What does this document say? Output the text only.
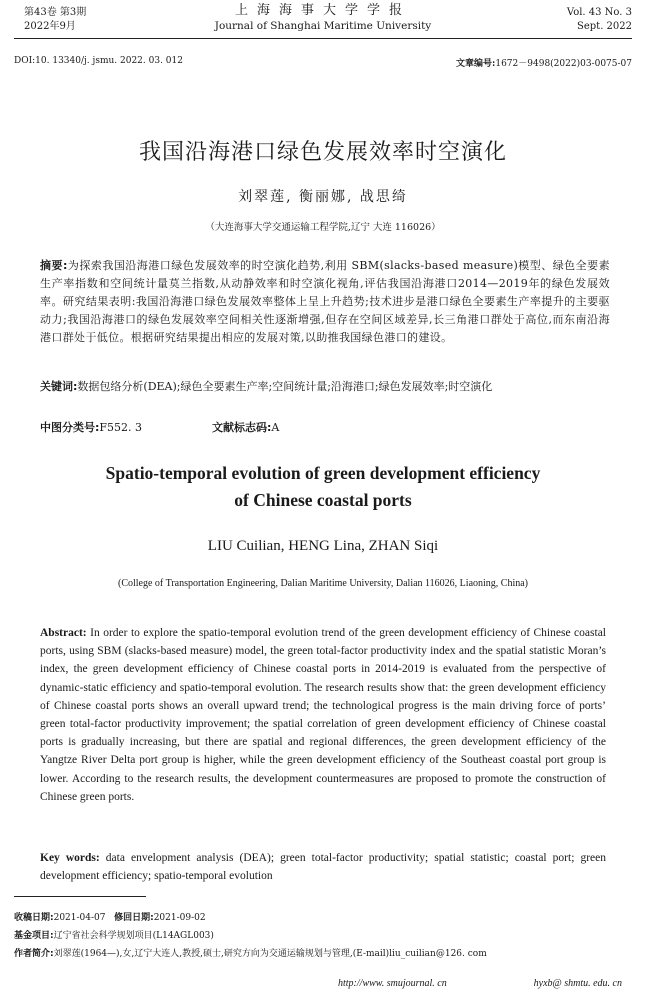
第43卷 第3期
2022年9月
上海海事大学学报
Journal of Shanghai Maritime University
Vol. 43 No. 3
Sept. 2022
DOI:10. 13340/j. jsmu. 2022. 03. 012	文章编号:1672－9498(2022)03-0075-07
我国沿海港口绿色发展效率时空演化
刘翠莲, 衡丽娜, 战思绮
（大连海事大学交通运输工程学院,辽宁 大连 116026）
摘要:为探索我国沿海港口绿色发展效率的时空演化趋势,利用 SBM(slacks-based measure)模型、绿色全要素生产率指数和空间统计量莫兰指数,从动静效率和时空演化视角,评估我国沿海港口2014—2019年的绿色发展效率。研究结果表明:我国沿海港口绿色发展效率整体上呈上升趋势;技术进步是港口绿色全要素生产率提升的主要驱动力;我国沿海港口的绿色发展效率空间相关性逐渐增强,但存在空间区域差异,长三角港口群处于高位,而东南沿海港口群处于低位。根据研究结果提出相应的发展对策,以助推我国绿色港口的建设。
关键词:数据包络分析(DEA);绿色全要素生产率;空间统计量;沿海港口;绿色发展效率;时空演化
中图分类号:F552. 3	文献标志码:A
Spatio-temporal evolution of green development efficiency
of Chinese coastal ports
LIU Cuilian, HENG Lina, ZHAN Siqi
(College of Transportation Engineering, Dalian Maritime University, Dalian 116026, Liaoning, China)
Abstract: In order to explore the spatio-temporal evolution trend of the green development efficiency of Chinese coastal ports, using SBM (slacks-based measure) model, the green total-factor productivity index and the spatial statistic Moran’s index, the green development efficiency of Chinese coastal ports in 2014-2019 is evaluated from the perspective of dynamic-static efficiency and spatio-temporal evolution. The research results show that: the green development efficiency of Chinese coastal ports shows an overall upward trend; the technological progress is the main driving force of ports’ green total-factor productivity improvement; the spatial correlation of green development efficiency of Chinese coastal ports is gradually increasing, but there are spatial and regional differences, the green development efficiency of the Yangtze River Delta port group is higher, while the green development efficiency of the Southeast coastal port group is lower. According to the research results, the development countermeasures are proposed to promote the construction of Chinese green ports.
Key words: data envelopment analysis (DEA); green total-factor productivity; spatial statistic; coastal port; green development efficiency; spatio-temporal evolution
收稿日期:2021-04-07 修回日期:2021-09-02
基金项目:辽宁省社会科学规划项目(L14AGL003)
作者简介:刘翠莲(1964—),女,辽宁大连人,教授,硕士,研究方向为交通运输规划与管理,(E-mail)liu_cuilian@126. com
http://www. smujournal. cn	hyxb@ shmtu. edu. cn
